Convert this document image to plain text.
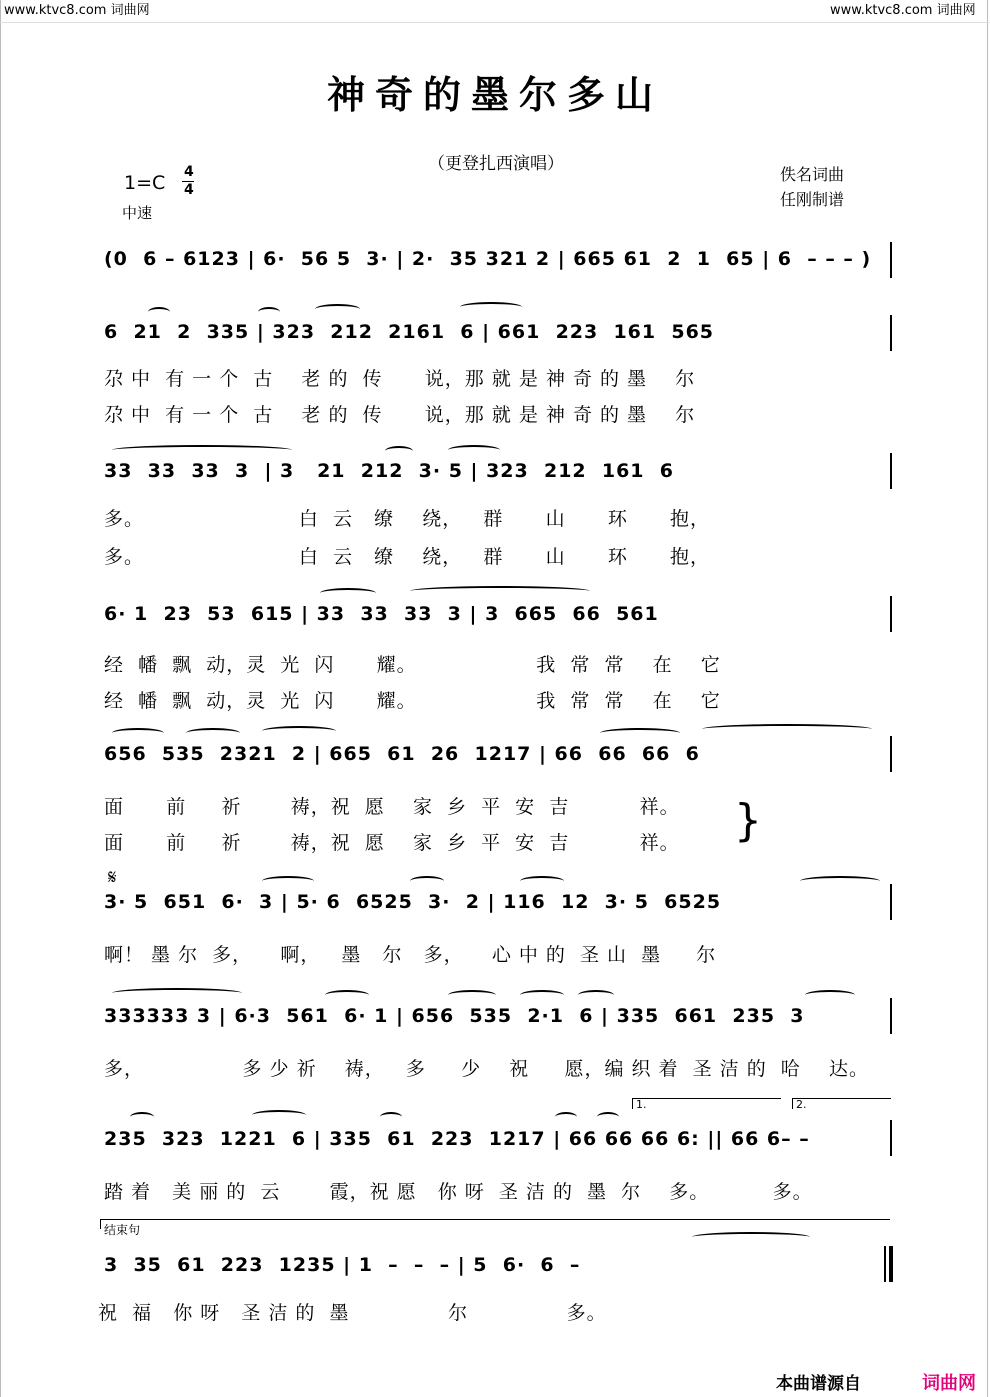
www.ktvc8.com 词曲网	www.ktvc8.com 词曲网
神奇的墨尔多山
（更登扎西演唱）
1=C 4
4
中速
佚名词曲
任刚制谱
(0  6 – 6123 | 6·  56 5  3· | 2·  35 321 2 | 665 61  2  1  65 | 6  – – – )
6  21  2  335 | 323  212  2161  6 | 661  223  161  565
尕 中  有 一 个  古    老 的  传      说，那 就 是 神 奇 的 墨    尔
尕 中  有 一 个  古    老 的  传      说，那 就 是 神 奇 的 墨    尔
33  33  33  3  | 3   21  212  3· 5 | 323  212  161  6
多。                      白  云   缭    绕，   群      山      环      抱，
多。                      白  云   缭    绕，   群      山      环      抱，
6· 1  23  53  615 | 33  33  33  3 | 3  665  66  561
经  幡  飘  动，灵  光  闪      耀。                 我  常  常    在    它
经  幡  飘  动，灵  光  闪      耀。                 我  常  常    在    它
656  535  2321  2 | 665  61  26  1217 | 66  66  66  6
面      前     祈       祷，祝  愿    家  乡  平  安  吉          祥。
面      前     祈       祷，祝  愿    家  乡  平  安  吉          祥。 }
𝄋
3· 5  651  6·  3 | 5· 6  6525  3·  2 | 116  12  3· 5  6525
啊！ 墨 尔  多，    啊，   墨   尔   多，    心 中 的  圣 山  墨     尔
333333 3 | 6·3  561  6· 1 | 656  535  2·1  6 | 335  661  235  3
多，              多 少 祈    祷，   多     少    祝     愿，编 织 着  圣 洁 的  哈    达。
1.	2.
235  323  1221  6 | 335  61  223  1217 | 66 66 66 6: || 66 6– –
踏 着   美 丽 的  云       霞，祝 愿   你 呀  圣 洁 的  墨  尔    多。         多。
结束句
3  35  61  223  1235 | 1  –  –  – | 5  6·  6  –
祝  福   你 呀   圣 洁 的  墨              尔              多。
本曲谱源自	词曲网
